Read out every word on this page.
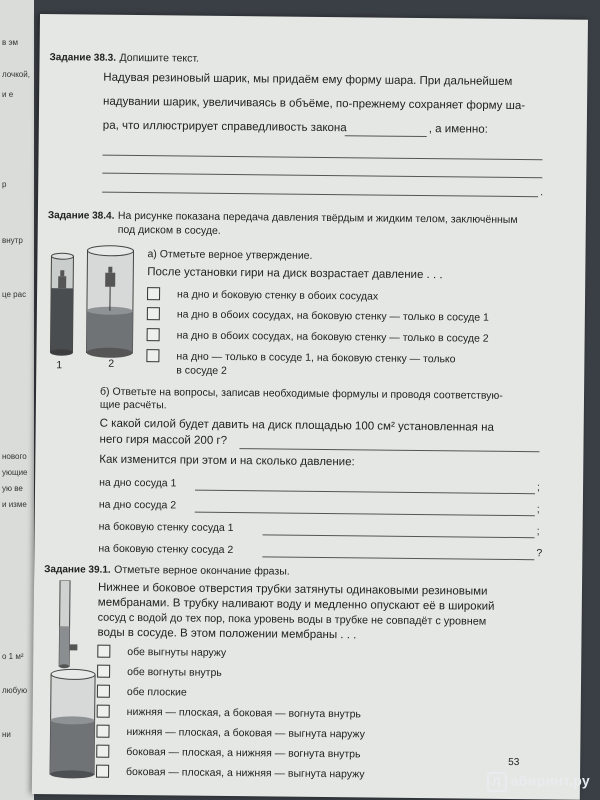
в эм
лочкой,
и е
р
внутр
це рас
нового
ующие
ую ве
и изме
о 1 м²
любую
ни
Задание 38.3. Допишите текст.
Надувая резиновый шарик, мы придаём ему форму шара. При дальнейшем
надувании шарик, увеличиваясь в объёме, по-прежнему сохраняет форму ша-
ра, что иллюстрирует справедливость закона	, а именно:
.
Задание 38.4. На рисунке показана передача давления твёрдым и жидким телом, заключённым
под диском в сосуде.
1	2
а) Отметьте верное утверждение.
После установки гири на диск возрастает давление . . .
на дно и боковую стенку в обоих сосудах
на дно в обоих сосудах, на боковую стенку — только в сосуде 1
на дно в обоих сосудах, на боковую стенку — только в сосуде 2
на дно — только в сосуде 1, на боковую стенку — только
в сосуде 2
б) Ответьте на вопросы, записав необходимые формулы и проводя соответствую-
щие расчёты.
С какой силой будет давить на диск площадью 100 см² установленная на
него гиря массой 200 г?
Как изменится при этом и на сколько давление:
на дно сосуда 1	;
на дно сосуда 2	;
на боковую стенку сосуда 1	;
на боковую стенку сосуда 2	?
Задание 39.1. Отметьте верное окончание фразы.
Нижнее и боковое отверстия трубки затянуты одинаковыми резиновыми
мембранами. В трубку наливают воду и медленно опускают её в широкий
сосуд с водой до тех пор, пока уровень воды в трубке не совпадёт с уровнем
воды в сосуде. В этом положении мембраны . . .
обе выгнуты наружу
обе вогнуты внутрь
обе плоские
нижняя — плоская, а боковая — вогнута внутрь
нижняя — плоская, а боковая — выгнута наружу
боковая — плоская, а нижняя — вогнута внутрь
боковая — плоская, а нижняя — выгнута наружу
53
Л абиринт.ру
